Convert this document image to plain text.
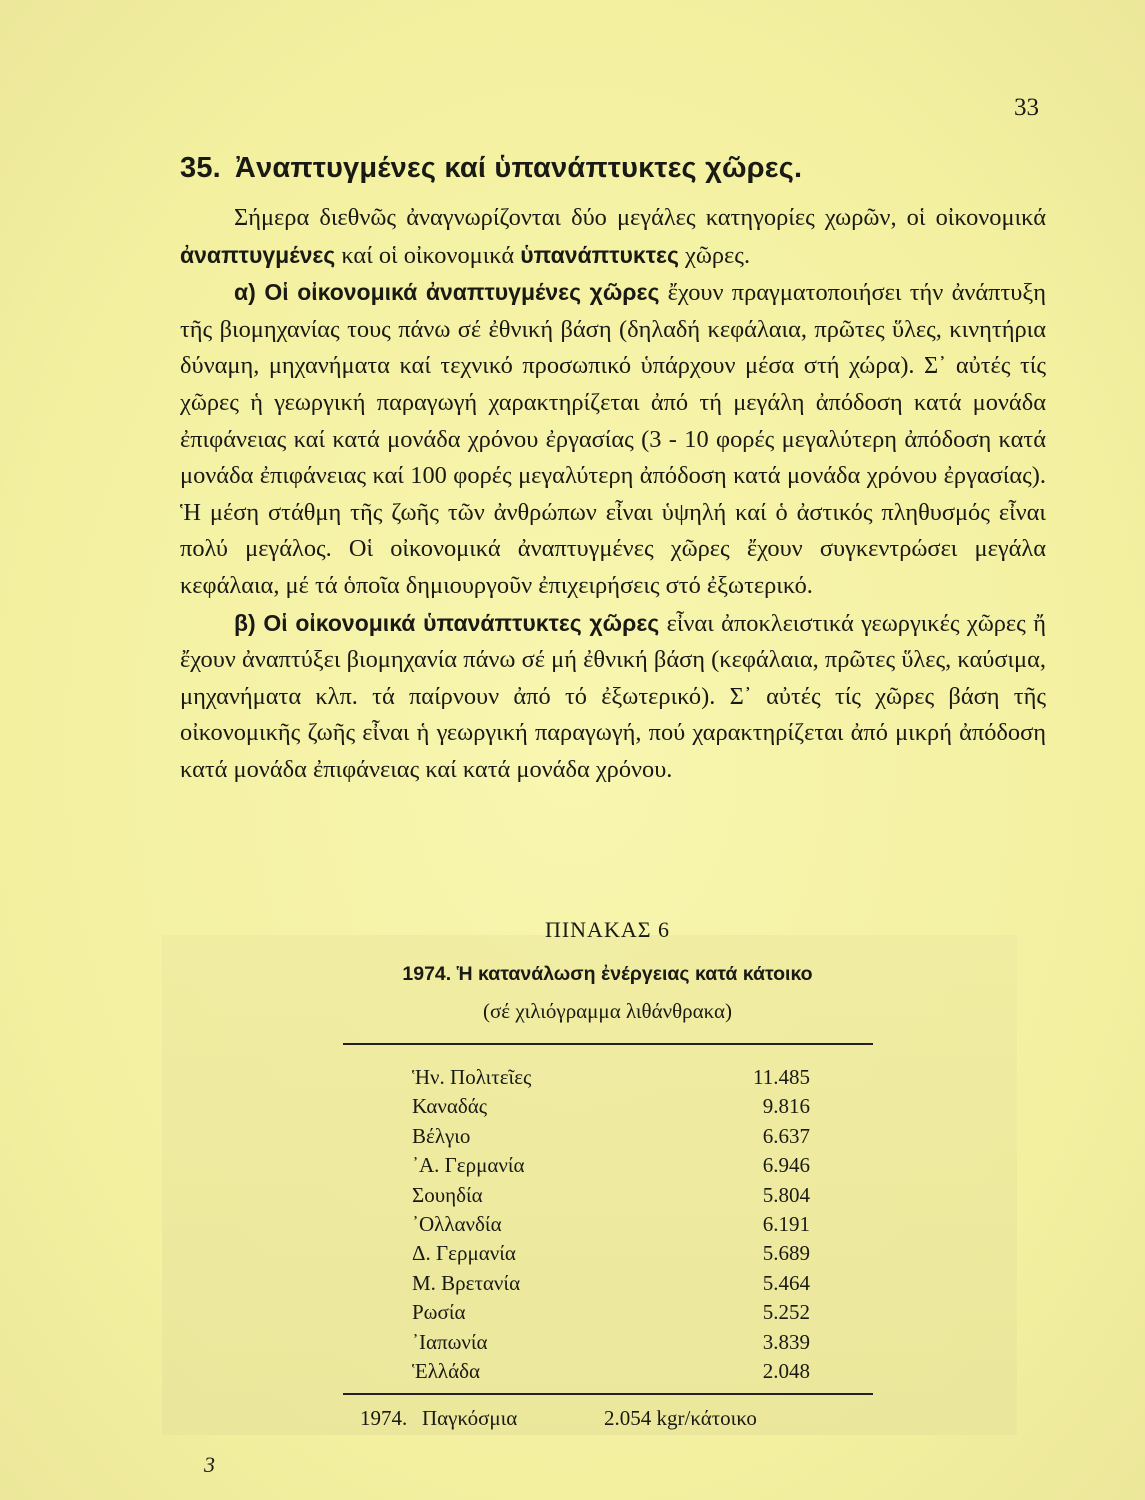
33
35. Ἀναπτυγμένες καί ὑπανάπτυκτες χῶρες.

Σήμερα διεθνῶς ἀναγνωρίζονται δύο μεγάλες κατηγορίες χωρῶν, οἱ οἰκονομικά ἀναπτυγμένες καί οἱ οἰκονομικά ὑπανάπτυκτες χῶρες.

α) Οἱ οἰκονομικά ἀναπτυγμένες χῶρες ἔχουν πραγματοποιήσει τήν ἀνάπτυξη τῆς βιομηχανίας τους πάνω σέ ἐθνική βάση (δηλαδή κεφάλαια, πρῶτες ὕλες, κινητήρια δύναμη, μηχανήματα καί τεχνικό προσωπικό ὑπάρχουν μέσα στή χώρα). Σ᾽ αὐτές τίς χῶρες ἡ γεωργική παραγωγή χαρακτηρίζεται ἀπό τή μεγάλη ἀπόδοση κατά μονάδα ἐπιφάνειας καί κατά μονάδα χρόνου ἐργασίας (3 - 10 φορές μεγαλύτερη ἀπόδοση κατά μονάδα ἐπιφάνειας καί 100 φορές μεγαλύτερη ἀπόδοση κατά μονάδα χρόνου ἐργασίας). Ἡ μέση στάθμη τῆς ζωῆς τῶν ἀνθρώπων εἶναι ὑψηλή καί ὁ ἀστικός πληθυσμός εἶναι πολύ μεγάλος. Οἱ οἰκονομικά ἀναπτυγμένες χῶρες ἔχουν συγκεντρώσει μεγάλα κεφάλαια, μέ τά ὁποῖα δημιουργοῦν ἐπιχειρήσεις στό ἐξωτερικό.

β) Οἱ οἰκονομικά ὑπανάπτυκτες χῶρες εἶναι ἀποκλειστικά γεωργικές χῶρες ἤ ἔχουν ἀναπτύξει βιομηχανία πάνω σέ μή ἐθνική βάση (κεφάλαια, πρῶτες ὕλες, καύσιμα, μηχανήματα κλπ. τά παίρνουν ἀπό τό ἐξωτερικό). Σ᾽ αὐτές τίς χῶρες βάση τῆς οἰκονομικῆς ζωῆς εἶναι ἡ γεωργική παραγωγή, πού χαρακτηρίζεται ἀπό μικρή ἀπόδοση κατά μονάδα ἐπιφάνειας καί κατά μονάδα χρόνου.

ΠΙΝΑΚΑΣ 6
1974. Ἡ κατανάλωση ἐνέργειας κατά κάτοικο
(σέ χιλιόγραμμα λιθάνθρακα)
Ἡν. Πολιτεῖες	11.485
Καναδάς	9.816
Βέλγιο	6.637
᾿Α. Γερμανία	6.946
Σουηδία	5.804
᾿Ολλανδία	6.191
Δ. Γερμανία	5.689
Μ. Βρετανία	5.464
Ρωσία	5.252
᾿Ιαπωνία	3.839
Ἑλλάδα	2.048
1974. Παγκόσμια	2.054 kgr/κάτοικο
3
